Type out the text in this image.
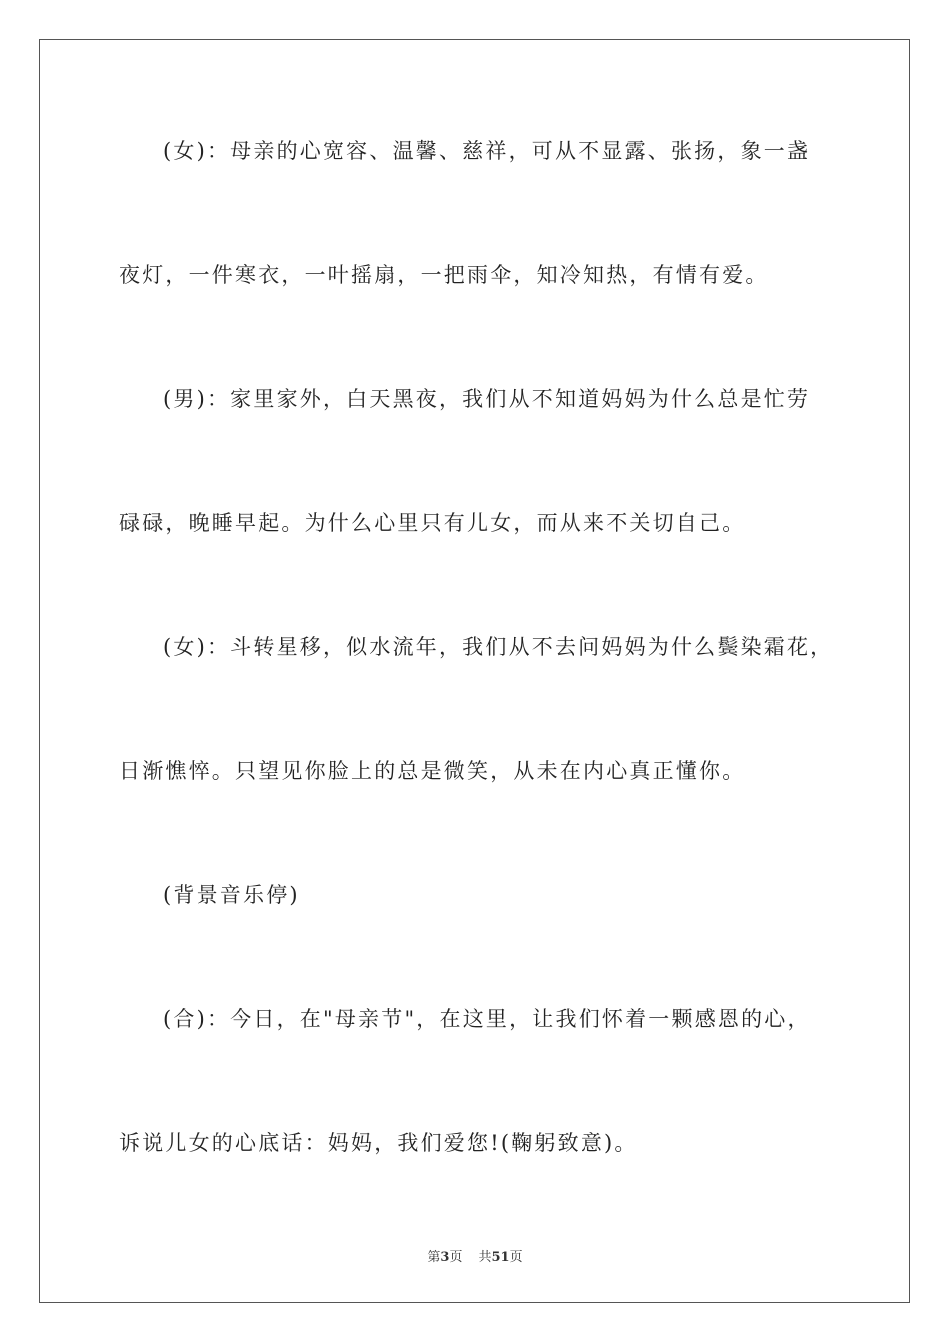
(女)：母亲的心宽容、温馨、慈祥，可从不显露、张扬，象一盏
夜灯，一件寒衣，一叶摇扇，一把雨伞，知冷知热，有情有爱。
(男)：家里家外，白天黑夜，我们从不知道妈妈为什么总是忙劳
碌碌，晚睡早起。为什么心里只有儿女，而从来不关切自己。
(女)：斗转星移，似水流年，我们从不去问妈妈为什么鬓染霜花，
日渐憔悴。只望见你脸上的总是微笑，从未在内心真正懂你。
(背景音乐停)
(合)：今日，在"母亲节"，在这里，让我们怀着一颗感恩的心，
诉说儿女的心底话：妈妈，我们爱您!(鞠躬致意)。
第3页 共51页
